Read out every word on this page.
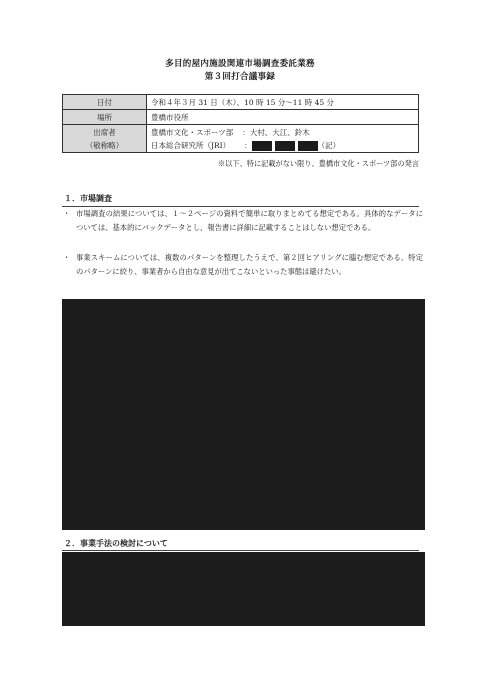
多目的屋内施設関連市場調査委託業務
第３回打合議事録
日付	令和４年３月 31 日（木）、10 時 15 分～11 時 45 分
場所	豊橋市役所

出席者
（敬称略）	豊橋市文化・スポーツ部 ：大村、大江、鈴木
日本総合研究所（JRI） ： （記）
※以下、特に記載がない限り、豊橋市文化・スポーツ部の発言
１．市場調査
・ 市場調査の結果については、１～２ページの資料で簡単に取りまとめてる想定である。具体的なデータについては、基本的にバックデータとし、報告書に詳細に記載することはしない想定である。
・ 事業スキームについては、複数のパターンを整理したうえで、第２回ヒアリングに臨む想定である。特定のパターンに絞り、事業者から自由な意見が出てこないといった事態は避けたい。
２．事業手法の検討について
